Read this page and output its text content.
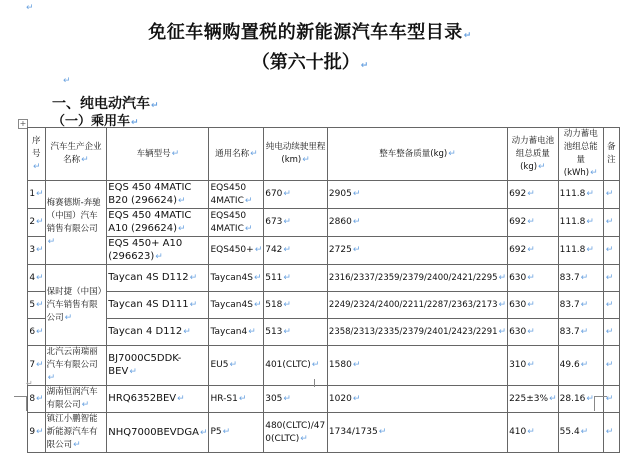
↵
免征车辆购置税的新能源汽车车型目录↵
（第六十批）↵
↵
一、纯电动汽车↵
（一）乘用车↵
+
序号↵	汽车生产企业名称↵	车辆型号↵	通用名称↵	纯电动续驶里程(km)↵	整车整备质量(kg)↵	动力蓄电池组总质量(kg)↵	动力蓄电池组总能量(kWh)↵	备注
1↵	梅赛德斯-奔驰（中国）汽车销售有限公司↵	EQS 450 4MATIC B20 (296624)↵	EQS450 4MATIC↵	670↵	2905↵	692↵	111.8↵	↵
2↵		EQS 450 4MATIC A10 (296624)↵	EQS450 4MATIC↵	673↵	2860↵	692↵	111.8↵	↵
3↵		EQS 450+ A10 (296623)↵	EQS450+↵	742↵	2725↵	692↵	111.8↵	↵
4↵	保时捷（中国）汽车销售有限公司↵	Taycan 4S D112↵	Taycan4S↵	511↵	2316/2337/2359/2379/2400/2421/2295↵	630↵	83.7↵	↵
5↵		Taycan 4S D111↵	Taycan4S↵	518↵	2249/2324/2400/2211/2287/2363/2173↵	630↵	83.7↵	↵
6↵		Taycan 4 D112↵	Taycan4↵	513↵	2358/2313/2335/2379/2401/2423/2291↵	630↵	83.7↵	↵
7↵	北汽云南瑞丽汽车有限公司↵	BJ7000C5DDK-BEV↵	EU5↵	401(CLTC)↵	1580↵	310↵	49.6↵	↵
8↵	湖南恒润汽车有限公司↵	HRQ6352BEV↵	HR-S1↵	305↵	1020↵	225±3%↵	28.16↵	↵
9↵	镇江小鹏智能新能源汽车有限公司↵	NHQ7000BEVDGA↵	P5↵	480(CLTC)/470(CLTC)↵	1734/1735↵	410↵	55.4↵	↵
↵
